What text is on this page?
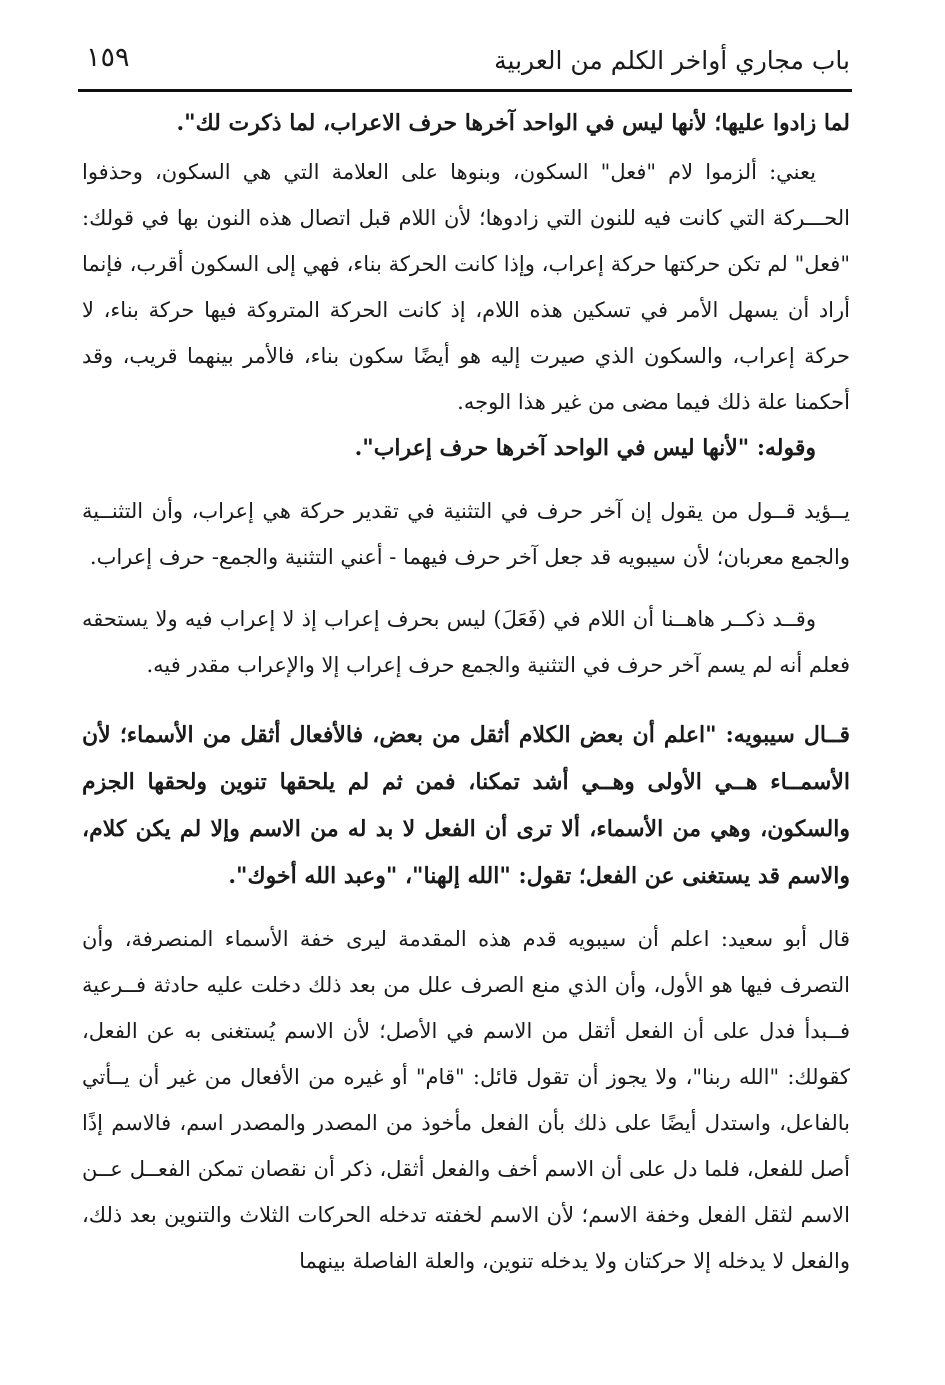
باب مجاري أواخر الكلم من العربية
١٥٩

لما زادوا عليها؛ لأنها ليس في الواحد آخرها حرف الاعراب، لما ذكرت لك".

يعني: ألزموا لام "فعل" السكون، وبنوها على العلامة التي هي السكون، وحذفوا الحـــركة التي كانت فيه للنون التي زادوها؛ لأن اللام قبل اتصال هذه النون بها في قولك: "فعل" لم تكن حركتها حركة إعراب، وإذا كانت الحركة بناء، فهي إلى السكون أقرب، فإنما أراد أن يسهل الأمر في تسكين هذه اللام، إذ كانت الحركة المتروكة فيها حركة بناء، لا حركة إعراب، والسكون الذي صيرت إليه هو أيضًا سكون بناء، فالأمر بينهما قريب، وقد أحكمنا علة ذلك فيما مضى من غير هذا الوجه.

وقوله: "لأنها ليس في الواحد آخرها حرف إعراب".

يــؤيد قــول من يقول إن آخر حرف في التثنية في تقدير حركة هي إعراب، وأن التثنــية والجمع معربان؛ لأن سيبويه قد جعل آخر حرف فيهما - أعني التثنية والجمع- حرف إعراب.

وقــد ذكــر هاهــنا أن اللام في (فَعَلَ) ليس بحرف إعراب إذ لا إعراب فيه ولا يستحقه فعلم أنه لم يسم آخر حرف في التثنية والجمع حرف إعراب إلا والإعراب مقدر فيه.

قــال سيبويه: "اعلم أن بعض الكلام أثقل من بعض، فالأفعال أثقل من الأسماء؛ لأن الأسمــاء هــي الأولى وهــي أشد تمكنا، فمن ثم لم يلحقها تنوين ولحقها الجزم والسكون، وهي من الأسماء، ألا ترى أن الفعل لا بد له من الاسم وإلا لم يكن كلام، والاسم قد يستغنى عن الفعل؛ تقول: "الله إلهنا"، "وعبد الله أخوك".

قال أبو سعيد: اعلم أن سيبويه قدم هذه المقدمة ليرى خفة الأسماء المنصرفة، وأن التصرف فيها هو الأول، وأن الذي منع الصرف علل من بعد ذلك دخلت عليه حادثة فــرعية فــبدأ فدل على أن الفعل أثقل من الاسم في الأصل؛ لأن الاسم يُستغنى به عن الفعل، كقولك: "الله ربنا"، ولا يجوز أن تقول قائل: "قام" أو غيره من الأفعال من غير أن يــأتي بالفاعل، واستدل أيضًا على ذلك بأن الفعل مأخوذ من المصدر والمصدر اسم، فالاسم إذًا أصل للفعل، فلما دل على أن الاسم أخف والفعل أثقل، ذكر أن نقصان تمكن الفعــل عــن الاسم لثقل الفعل وخفة الاسم؛ لأن الاسم لخفته تدخله الحركات الثلاث والتنوين بعد ذلك، والفعل لا يدخله إلا حركتان ولا يدخله تنوين، والعلة الفاصلة بينهما
